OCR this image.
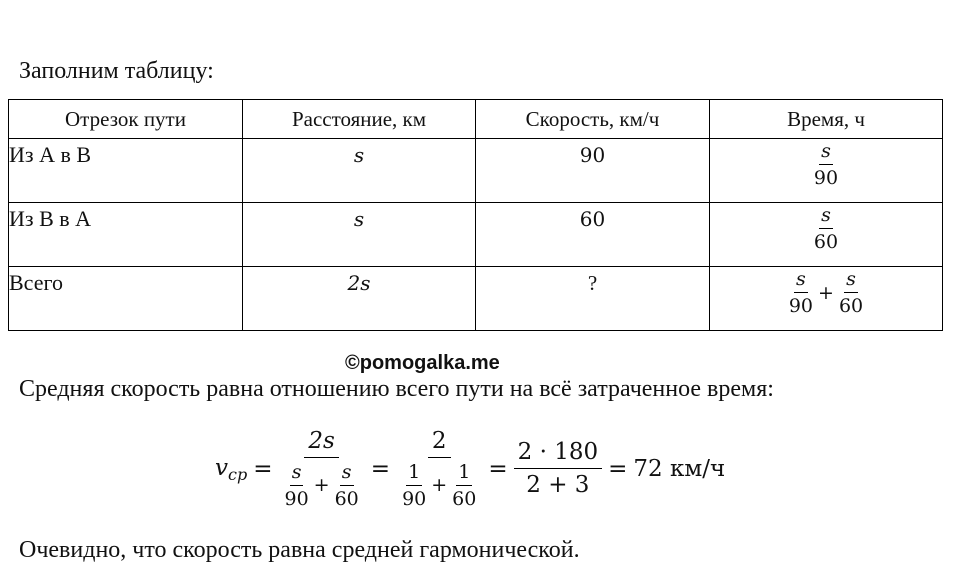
Заполним таблицу:
Отрезок пути	Расстояние, км	Скорость, км/ч	Время, ч
Из А в В	s	90	$\frac{s}{90}$

Из В в А	s	60	$\frac{s}{60}$

Всего	2s	?	$\frac{s}{90} + \frac{s}{60}$
©pomogalka.me
Средняя скорость равна отношению всего пути на всё затраченное время:
$v_{cp} = \frac{2s}{\frac{s}{90} + \frac{s}{60}} = \frac{2}{\frac{1}{90} + \frac{1}{60}} = \frac{2 \cdot 180}{2 + 3} = 72$ км/ч
Очевидно, что скорость равна средней гармонической.
